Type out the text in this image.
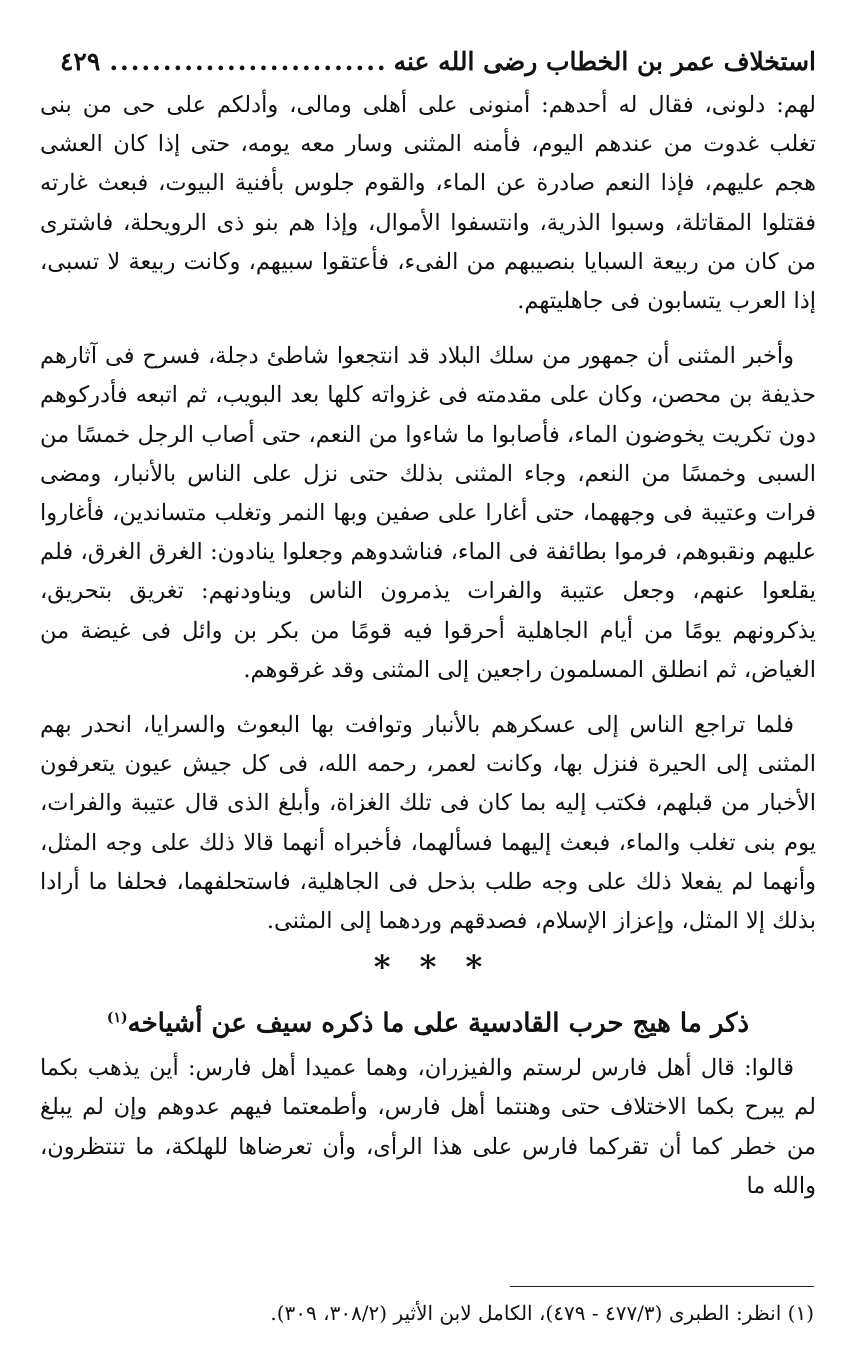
استخلاف عمر بن الخطاب رضى الله عنه
..........................
٤٢٩

لهم: دلونى، فقال له أحدهم: أمنونى على أهلى ومالى، وأدلكم على حى من بنى تغلب غدوت من عندهم اليوم، فأمنه المثنى وسار معه يومه، حتى إذا كان العشى هجم عليهم، فإذا النعم صادرة عن الماء، والقوم جلوس بأفنية البيوت، فبعث غارته فقتلوا المقاتلة، وسبوا الذرية، وانتسفوا الأموال، وإذا هم بنو ذى الرويحلة، فاشترى من كان من ربيعة السبايا بنصيبهم من الفىء، فأعتقوا سبيهم، وكانت ربيعة لا تسبى، إذا العرب يتسابون فى جاهليتهم.

وأخبر المثنى أن جمهور من سلك البلاد قد انتجعوا شاطئ دجلة، فسرح فى آثارهم حذيفة بن محصن، وكان على مقدمته فى غزواته كلها بعد البويب، ثم اتبعه فأدركوهم دون تكريت يخوضون الماء، فأصابوا ما شاءوا من النعم، حتى أصاب الرجل خمسًا من السبى وخمسًا من النعم، وجاء المثنى بذلك حتى نزل على الناس بالأنبار، ومضى فرات وعتيبة فى وجههما، حتى أغارا على صفين وبها النمر وتغلب متساندين، فأغاروا عليهم ونقبوهم، فرموا بطائفة فى الماء، فناشدوهم وجعلوا ينادون: الغرق الغرق، فلم يقلعوا عنهم، وجعل عتيبة والفرات يذمرون الناس ويناودنهم: تغريق بتحريق، يذكرونهم يومًا من أيام الجاهلية أحرقوا فيه قومًا من بكر بن وائل فى غيضة من الغياض، ثم انطلق المسلمون راجعين إلى المثنى وقد غرقوهم.

فلما تراجع الناس إلى عسكرهم بالأنبار وتوافت بها البعوث والسرايا، انحدر بهم المثنى إلى الحيرة فنزل بها، وكانت لعمر، رحمه الله، فى كل جيش عيون يتعرفون الأخبار من قبلهم، فكتب إليه بما كان فى تلك الغزاة، وأبلغ الذى قال عتيبة والفرات، يوم بنى تغلب والماء، فبعث إليهما فسألهما، فأخبراه أنهما قالا ذلك على وجه المثل، وأنهما لم يفعلا ذلك على وجه طلب بذحل فى الجاهلية، فاستحلفهما، فحلفا ما أرادا بذلك إلا المثل، وإعزاز الإسلام، فصدقهم وردهما إلى المثنى.

* * *
ذكر ما هيج حرب القادسية على ما ذكره سيف عن أشياخه$^{(١)}$

قالوا: قال أهل فارس لرستم والفيزران، وهما عميدا أهل فارس: أين يذهب بكما لم يبرح بكما الاختلاف حتى وهنتما أهل فارس، وأطمعتما فيهم عدوهم وإن لم يبلغ من خطر كما أن تقركما فارس على هذا الرأى، وأن تعرضاها للهلكة، ما تنتظرون، والله ما

(١) انظر: الطبرى (٤٧٧/٣ - ٤٧٩)، الكامل لابن الأثير (٣٠٨/٢، ٣٠٩).
